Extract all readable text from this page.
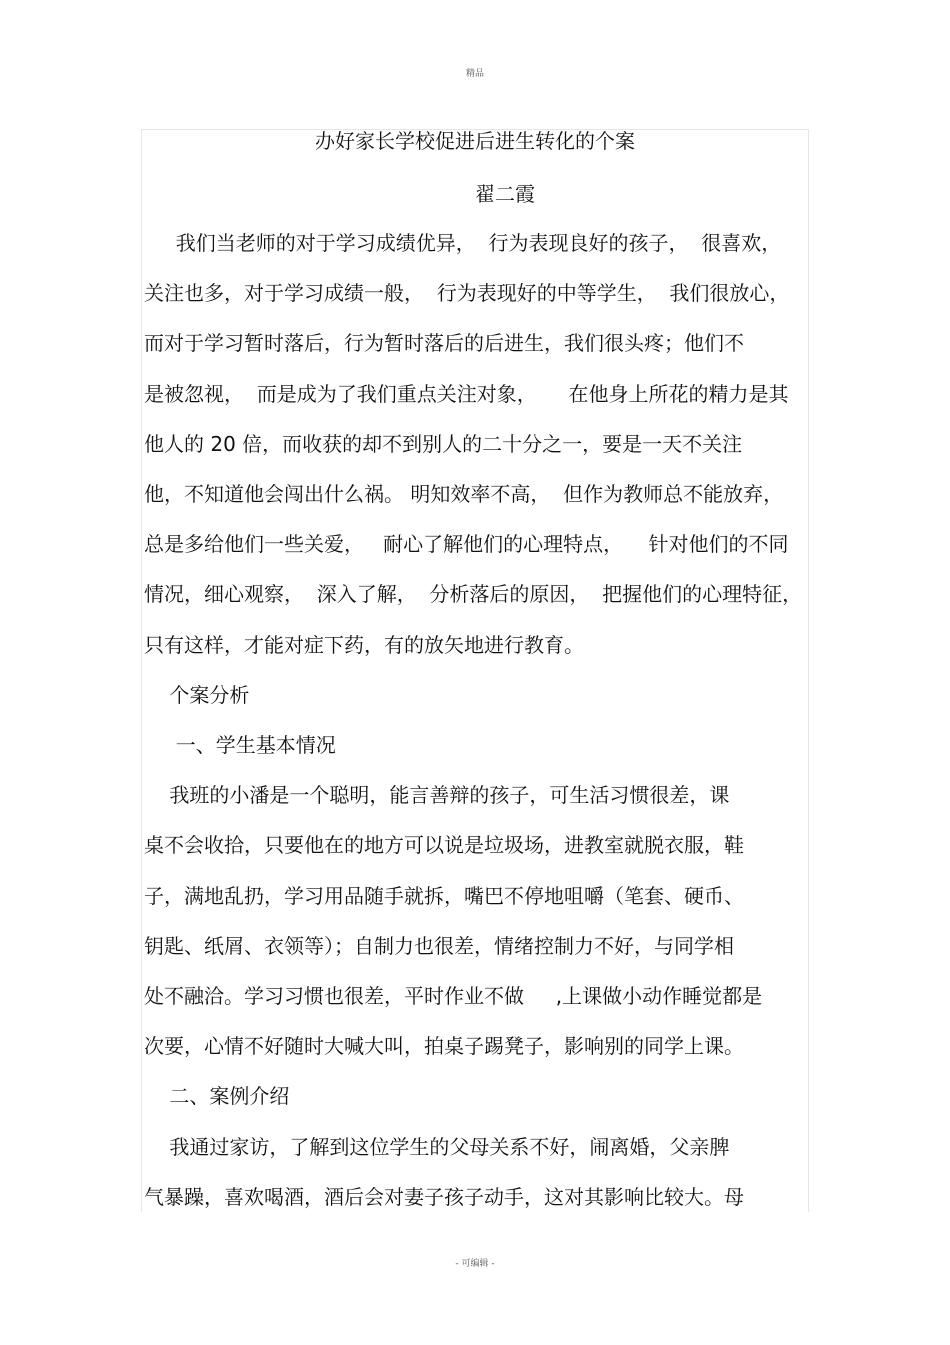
精品
办好家长学校促进后进生转化的个案
翟二霞
我们当老师的对于学习成绩优异，  行为表现良好的孩子，  很喜欢，
关注也多，对于学习成绩一般，  行为表现好的中等学生，  我们很放心，
而对于学习暂时落后，行为暂时落后的后进生，我们很头疼；他们不
是被忽视，  而是成为了我们重点关注对象，     在他身上所花的精力是其
他人的 20 倍，而收获的却不到别人的二十分之一，要是一天不关注
他，不知道他会闯出什么祸。 明知效率不高，  但作为教师总不能放弃，
总是多给他们一些关爱，   耐心了解他们的心理特点，    针对他们的不同
情况，细心观察，  深入了解，  分析落后的原因，  把握他们的心理特征，
只有这样，才能对症下药，有的放矢地进行教育。
个案分析
一、学生基本情况
我班的小潘是一个聪明，能言善辩的孩子，可生活习惯很差，课
桌不会收拾，只要他在的地方可以说是垃圾场，进教室就脱衣服，鞋
子，满地乱扔，学习用品随手就拆，嘴巴不停地咀嚼（笔套、硬币、
钥匙、纸屑、衣领等）；自制力也很差，情绪控制力不好，与同学相
处不融洽。学习习惯也很差，平时作业不做     ,上课做小动作睡觉都是
次要，心情不好随时大喊大叫，拍桌子踢凳子，影响别的同学上课。
二、案例介绍
我通过家访，了解到这位学生的父母关系不好，闹离婚，父亲脾
气暴躁，喜欢喝酒，酒后会对妻子孩子动手，这对其影响比较大。母
- 可编辑 -
